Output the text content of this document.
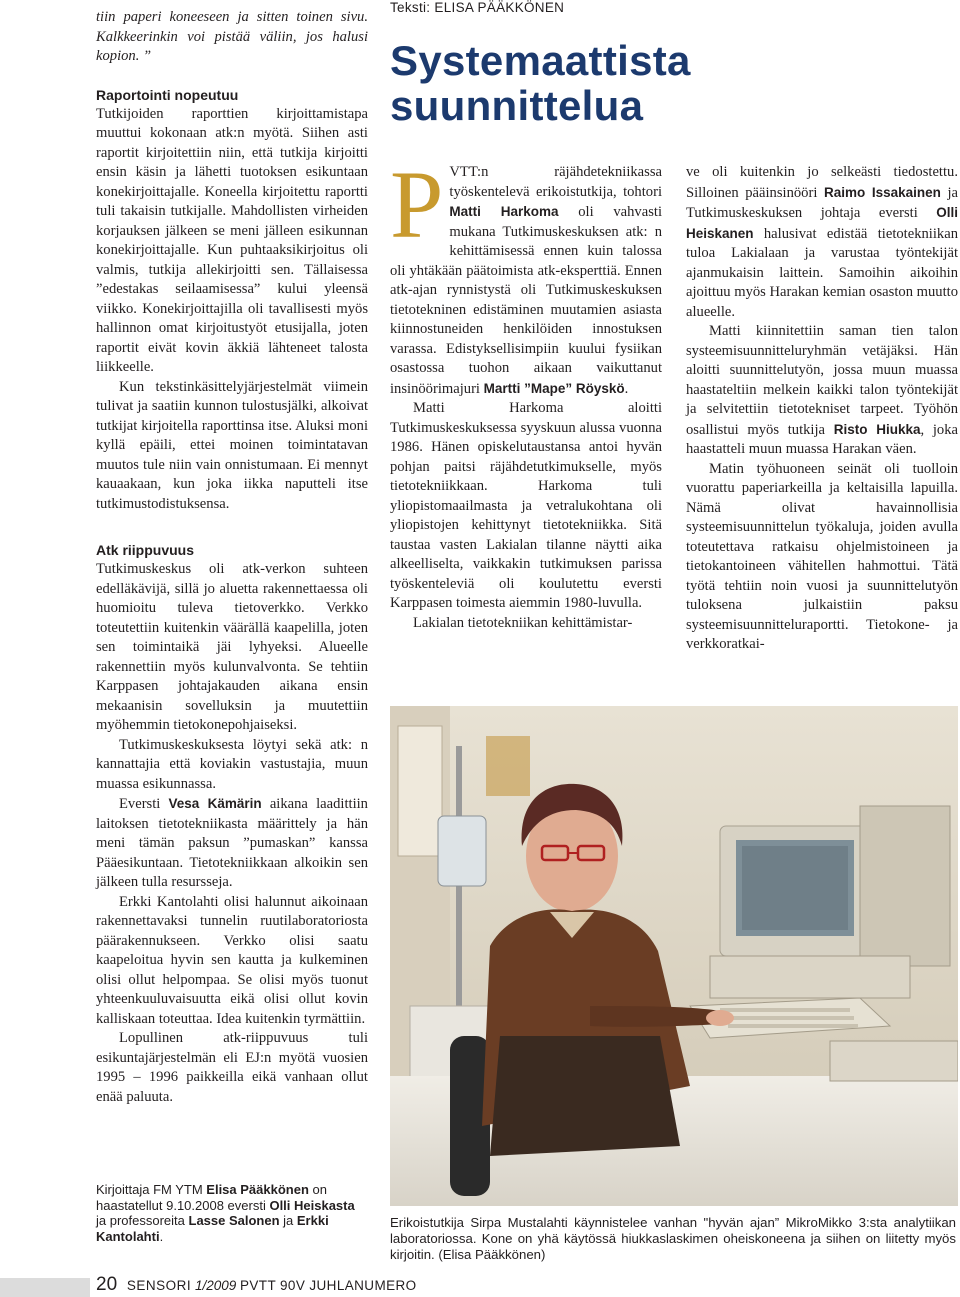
Teksti: ELISA PÄÄKKÖNEN
Systemaattista
suunnittelua

tiin paperi koneeseen ja sitten toinen sivu. Kalkkeerinkin voi pistää väliin, jos halusi kopion. ”

Raportointi nopeutuu

Tutkijoiden raporttien kirjoittamistapa muuttui kokonaan atk:n myötä. Siihen asti raportit kirjoitettiin niin, että tutkija kirjoitti ensin käsin ja lähetti tuotoksen esikuntaan konekirjoittajalle. Koneella kirjoitettu raportti tuli takaisin tutkijalle. Mahdollisten virheiden korjauksen jälkeen se meni jälleen esikunnan konekirjoittajalle. Kun puhtaaksikirjoitus oli valmis, tutkija allekirjoitti sen. Tällaisessa ”edestakas seilaamisessa” kului yleensä viikko. Konekirjoittajilla oli tavallisesti myös hallinnon omat kirjoitustyöt etusijalla, joten raportit eivät kovin äkkiä lähteneet talosta liikkeelle.

Kun tekstinkäsittelyjärjestelmät viimein tulivat ja saatiin kunnon tulostusjälki, alkoivat tutkijat kirjoitella raporttinsa itse. Aluksi moni kyllä epäili, ettei moinen toimintatavan muutos tule niin vain onnistumaan. Ei mennyt kauaakaan, kun joka iikka naputteli itse tutkimustodistuksensa.

Atk riippuvuus

Tutkimuskeskus oli atk-verkon suhteen edelläkävijä, sillä jo aluetta rakennettaessa oli huomioitu tuleva tietoverkko. Verkko toteutettiin kuitenkin väärällä kaapelilla, joten sen toimintaikä jäi lyhyeksi. Alueelle rakennettiin myös kulunvalvonta. Se tehtiin Karppasen johtajakauden aikana ensin mekaanisin sovelluksin ja muutettiin myöhemmin tietokonepohjaiseksi.

Tutkimuskeskuksesta löytyi sekä atk: n kannattajia että koviakin vastustajia, muun muassa esikunnassa.

Eversti Vesa Kämärin aikana laadittiin laitoksen tietotekniikasta määrittely ja hän meni tämän paksun ”pumaskan” kanssa Pääesikuntaan. Tietotekniikkaan alkoikin sen jälkeen tulla resursseja.

Erkki Kantolahti olisi halunnut aikoinaan rakennettavaksi tunnelin ruutilaboratoriosta päärakennukseen. Verkko olisi saatu kaapeloitua hyvin sen kautta ja kulkeminen olisi ollut helpompaa. Se olisi myös tuonut yhteenkuuluvaisuutta eikä olisi ollut kovin kalliskaan toteuttaa. Idea kuitenkin tyrmättiin.

Lopullinen atk-riippuvuus tuli esikuntajärjestelmän eli EJ:n myötä vuosien 1995 – 1996 paikkeilla eikä vanhaan ollut enää paluuta.

Kirjoittaja FM YTM Elisa Pääkkönen on haastatellut 9.10.2008 eversti Olli Heiskasta ja professoreita Lasse Salonen ja Erkki Kantolahti.

PVTT:n räjähdetekniikassa työskentelevä erikoistutkija, tohtori Matti Harkoma oli vahvasti mukana Tutkimuskeskuksen atk: n kehittämisessä ennen kuin talossa oli yhtäkään päätoimista atk-eksperttiä. Ennen atk-ajan rynnistystä oli Tutkimuskeskuksen tietotekninen edistäminen muutamien asiasta kiinnostuneiden henkilöiden innostuksen varassa. Edistyksellisimpiin kuului fysiikan osastossa tuohon aikaan vaikuttanut insinöörimajuri Martti ”Mape” Röyskö.

Matti Harkoma aloitti Tutkimuskeskuksessa syyskuun alussa vuonna 1986. Hänen opiskelutaustansa antoi hyvän pohjan paitsi räjähdetutkimukselle, myös tietotekniikkaan. Harkoma tuli yliopistomaailmasta ja vetralukohtana oli yliopistojen kehittynyt tietotekniikka. Sitä taustaa vasten Lakialan tilanne näytti aika alkeelliselta, vaikkakin tutkimuksen parissa työskenteleviä oli koulutettu eversti Karppasen toimesta aiemmin 1980-luvulla.

Lakialan tietotekniikan kehittämistar-

ve oli kuitenkin jo selkeästi tiedostettu. Silloinen pääinsinööri Raimo Issakainen ja Tutkimuskeskuksen johtaja eversti Olli Heiskanen halusivat edistää tietotekniikan tuloa Lakialaan ja varustaa työntekijät ajanmukaisin laittein. Samoihin aikoihin ajoittuu myös Harakan kemian osaston muutto alueelle.

Matti kiinnitettiin saman tien talon systeemisuunnitteluryhmän vetäjäksi. Hän aloitti suunnittelutyön, jossa muun muassa haastateltiin melkein kaikki talon työntekijät ja selvitettiin tietotekniset tarpeet. Työhön osallistui myös tutkija Risto Hiukka, joka haastatteli muun muassa Harakan väen.

Matin työhuoneen seinät oli tuolloin vuorattu paperiarkeilla ja keltaisilla lapuilla. Nämä olivat havainnollisia systeemisuunnittelun työkaluja, joiden avulla toteutettava ratkaisu ohjelmistoineen ja tietokantoineen vähitellen hahmottui. Tätä työtä tehtiin noin vuosi ja suunnittelutyön tuloksena julkaistiin paksu systeemisuunnitteluraportti. Tietokone- ja verkkoratkai-

Erikoistutkija Sirpa Mustalahti käynnistelee vanhan "hyvän ajan” MikroMikko 3:sta analytiikan laboratoriossa. Kone on yhä käytössä hiukkaslaskimen oheiskoneena ja siihen on liitetty myös kirjoitin. (Elisa Pääkkönen)
20 SENSORI 1/2009 PVTT 90V JUHLANUMERO
